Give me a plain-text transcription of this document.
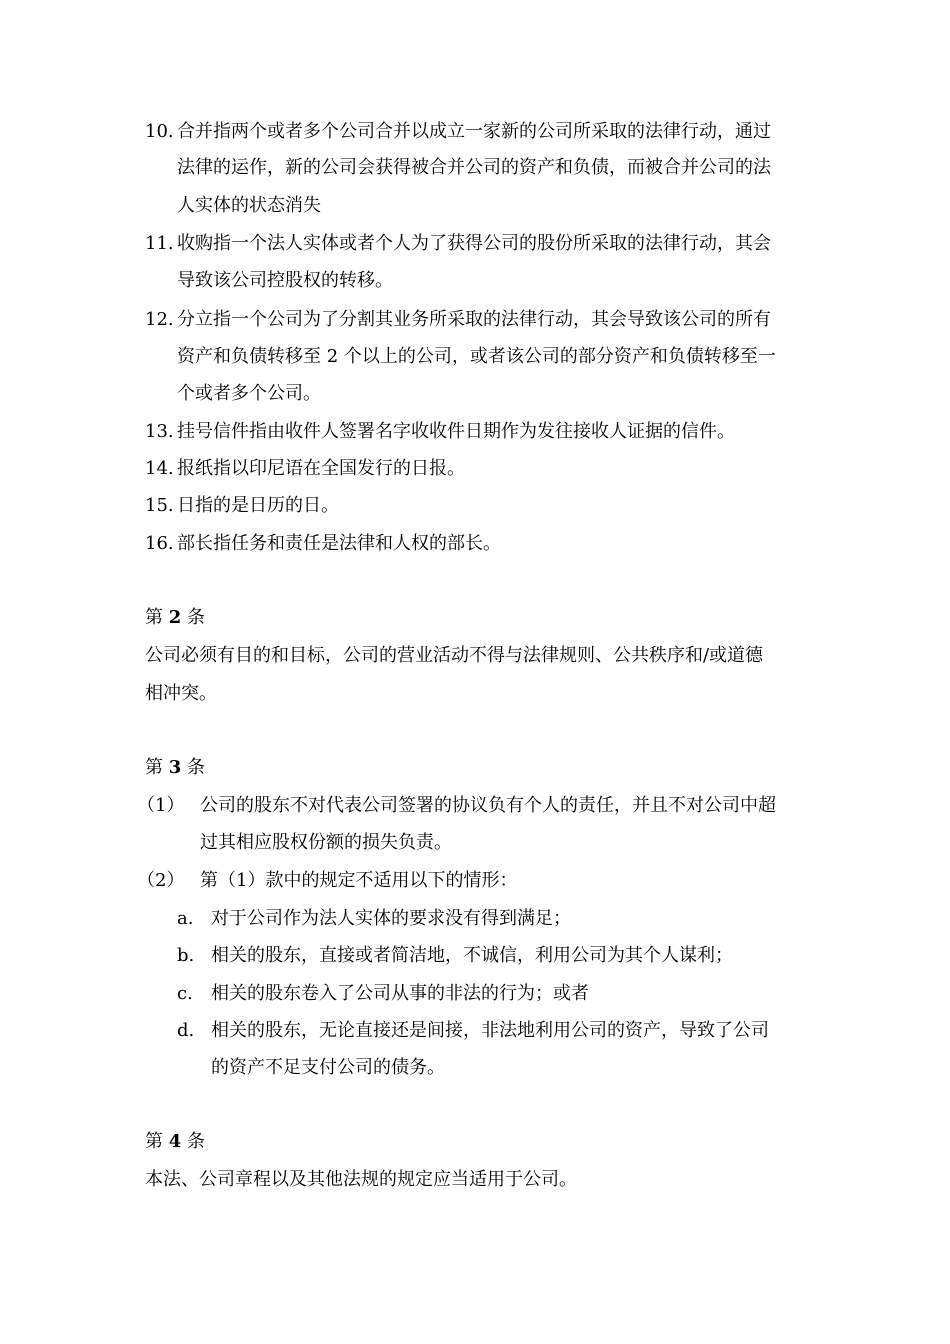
10. 合并指两个或者多个公司合并以成立一家新的公司所采取的法律行动，通过
法律的运作，新的公司会获得被合并公司的资产和负债，而被合并公司的法
人实体的状态消失
11. 收购指一个法人实体或者个人为了获得公司的股份所采取的法律行动，其会
导致该公司控股权的转移。
12. 分立指一个公司为了分割其业务所采取的法律行动，其会导致该公司的所有
资产和负债转移至 2 个以上的公司，或者该公司的部分资产和负债转移至一
个或者多个公司。
13. 挂号信件指由收件人签署名字收收件日期作为发往接收人证据的信件。
14. 报纸指以印尼语在全国发行的日报。
15. 日指的是日历的日。
16. 部长指任务和责任是法律和人权的部长。
第 2 条
公司必须有目的和目标，公司的营业活动不得与法律规则、公共秩序和/或道德
相冲突。
第 3 条
（1） 公司的股东不对代表公司签署的协议负有个人的责任，并且不对公司中超
过其相应股权份额的损失负责。
（2） 第（1）款中的规定不适用以下的情形：
a. 对于公司作为法人实体的要求没有得到满足；
b. 相关的股东，直接或者简洁地，不诚信，利用公司为其个人谋利；
c. 相关的股东卷入了公司从事的非法的行为；或者
d. 相关的股东，无论直接还是间接，非法地利用公司的资产，导致了公司
的资产不足支付公司的债务。
第 4 条
本法、公司章程以及其他法规的规定应当适用于公司。
